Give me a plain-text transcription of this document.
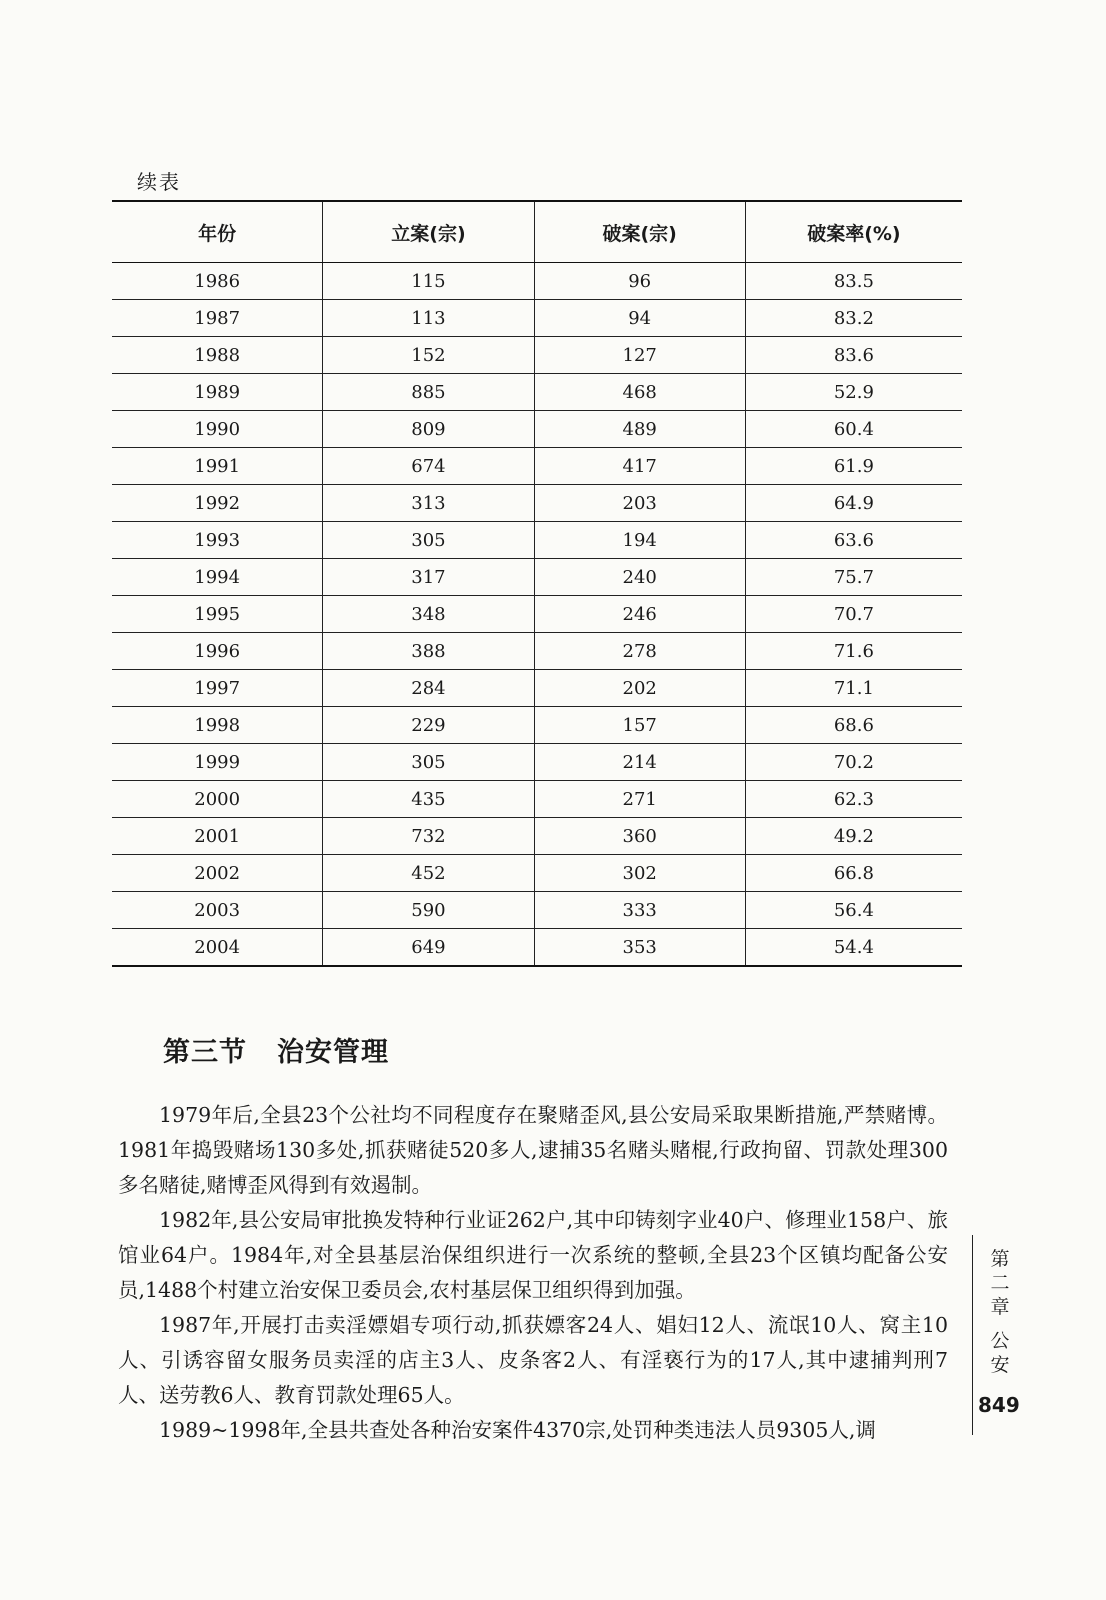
续表
年份	立案(宗)	破案(宗)	破案率(%)
1986	115	96	83.5
1987	113	94	83.2
1988	152	127	83.6
1989	885	468	52.9
1990	809	489	60.4
1991	674	417	61.9
1992	313	203	64.9
1993	305	194	63.6
1994	317	240	75.7
1995	348	246	70.7
1996	388	278	71.6
1997	284	202	71.1
1998	229	157	68.6
1999	305	214	70.2
2000	435	271	62.3
2001	732	360	49.2
2002	452	302	66.8
2003	590	333	56.4
2004	649	353	54.4
第三节 治安管理

1979年后,全县23个公社均不同程度存在聚赌歪风,县公安局采取果断措施,严禁赌博。1981年捣毁赌场130多处,抓获赌徒520多人,逮捕35名赌头赌棍,行政拘留、罚款处理300多名赌徒,赌博歪风得到有效遏制。

1982年,县公安局审批换发特种行业证262户,其中印铸刻字业40户、修理业158户、旅馆业64户。1984年,对全县基层治保组织进行一次系统的整顿,全县23个区镇均配备公安员,1488个村建立治安保卫委员会,农村基层保卫组织得到加强。

1987年,开展打击卖淫嫖娼专项行动,抓获嫖客24人、娼妇12人、流氓10人、窝主10人、引诱容留女服务员卖淫的店主3人、皮条客2人、有淫亵行为的17人,其中逮捕判刑7人、送劳教6人、教育罚款处理65人。

1989~1998年,全县共查处各种治安案件4370宗,处罚种类违法人员9305人,调

第
二
章
公
安
849
